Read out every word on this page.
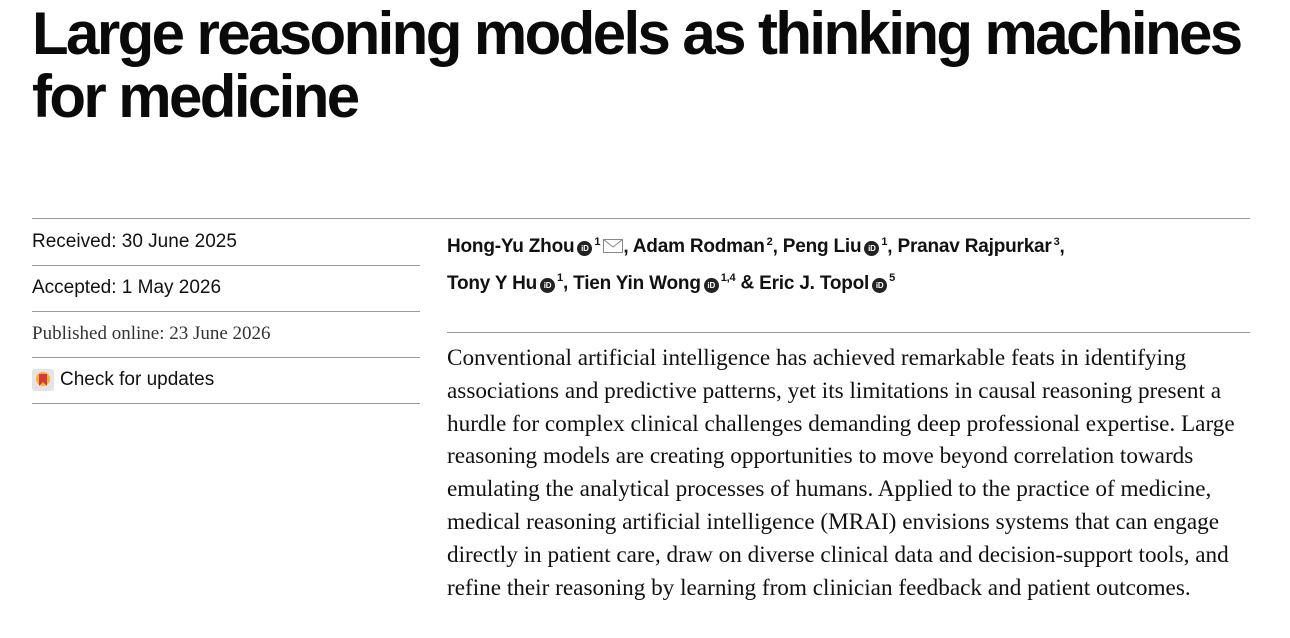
Large reasoning models as thinking machines for medicine
Received: 30 June 2025
Accepted: 1 May 2026
Published online: 23 June 2026
Check for updates
Hong-Yu Zhou $iD^1$ , Adam Rodman $^2$, Peng Liu $iD^1$, Pranav Rajpurkar $^3$,
Tony Y Hu $iD^1$, Tien Yin Wong iD$^{1,4}$ & Eric J. Topol $iD^5$

Conventional artificial intelligence has achieved remarkable feats in identifying associations and predictive patterns, yet its limitations in causal reasoning present a hurdle for complex clinical challenges demanding deep professional expertise. Large reasoning models are creating opportunities to move beyond correlation towards emulating the analytical processes of humans. Applied to the practice of medicine, medical reasoning artificial intelligence (MRAI) envisions systems that can engage directly in patient care, draw on diverse clinical data and decision-support tools, and refine their reasoning by learning from clinician feedback and patient outcomes.
